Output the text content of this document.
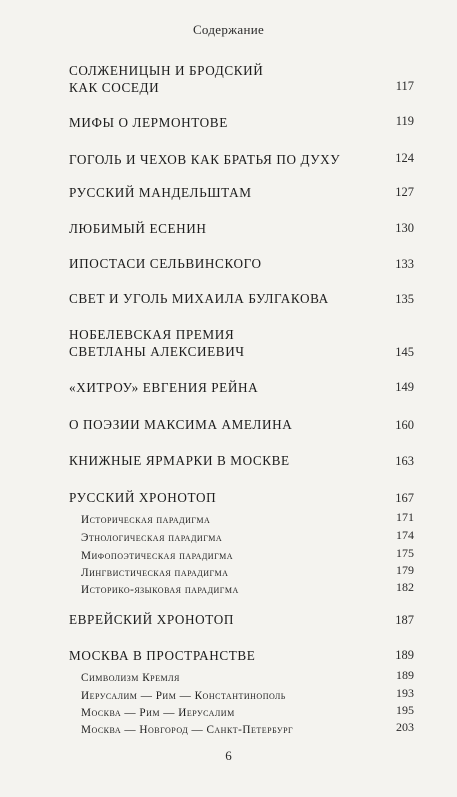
Содержание
СОЛЖЕНИЦЫН И БРОДСКИЙ
КАК СОСЕДИ	117
МИФЫ О ЛЕРМОНТОВЕ	119
ГОГОЛЬ И ЧЕХОВ КАК БРАТЬЯ ПО ДУХУ	124
РУССКИЙ МАНДЕЛЬШТАМ	127
ЛЮБИМЫЙ ЕСЕНИН	130
ИПОСТАСИ СЕЛЬВИНСКОГО	133
СВЕТ И УГОЛЬ МИХАИЛА БУЛГАКОВА	135
НОБЕЛЕВСКАЯ ПРЕМИЯ
СВЕТЛАНЫ АЛЕКСИЕВИЧ	145
«ХИТРОУ» ЕВГЕНИЯ РЕЙНА	149
О ПОЭЗИИ МАКСИМА АМЕЛИНА	160
КНИЖНЫЕ ЯРМАРКИ В МОСКВЕ	163
РУССКИЙ ХРОНОТОП	167
Историческая парадигма	171
Этнологическая парадигма	174
Мифопоэтическая парадигма	175
Лингвистическая парадигма	179
Историко-языковая парадигма	182
ЕВРЕЙСКИЙ ХРОНОТОП	187
МОСКВА В ПРОСТРАНСТВЕ	189
Символизм Кремля	189
Иерусалим — Рим — Константинополь	193
Москва — Рим — Иерусалим	195
Москва — Новгород — Санкт-Петербург	203
6
